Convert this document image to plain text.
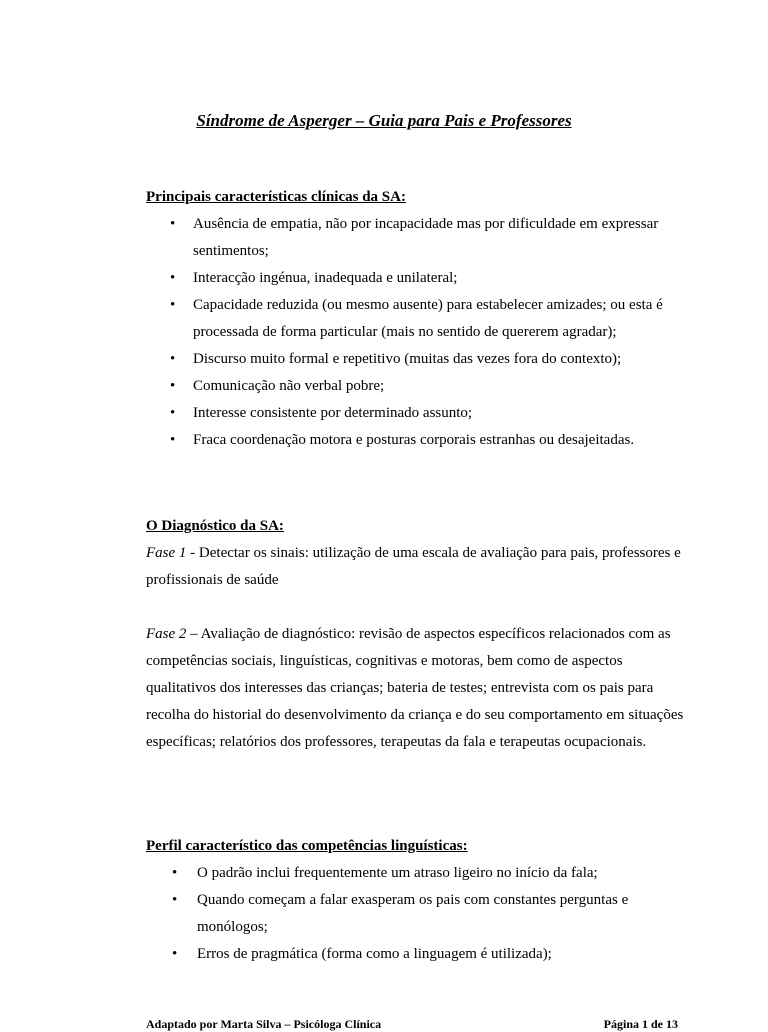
Síndrome de Asperger – Guia para Pais e Professores
Principais características clínicas da SA:
• Ausência de empatia, não por incapacidade mas por dificuldade em expressar sentimentos;
• Interacção ingénua, inadequada e unilateral;
• Capacidade reduzida (ou mesmo ausente) para estabelecer amizades; ou esta é processada de forma particular (mais no sentido de quererem agradar);
• Discurso muito formal e repetitivo (muitas das vezes fora do contexto);
• Comunicação não verbal pobre;
• Interesse consistente por determinado assunto;
• Fraca coordenação motora e posturas corporais estranhas ou desajeitadas.
O Diagnóstico da SA:

Fase 1 - Detectar os sinais: utilização de uma escala de avaliação para pais, professores e profissionais de saúde

Fase 2 – Avaliação de diagnóstico: revisão de aspectos específicos relacionados com as competências sociais, linguísticas, cognitivas e motoras, bem como de aspectos qualitativos dos interesses das crianças; bateria de testes; entrevista com os pais para recolha do historial do desenvolvimento da criança e do seu comportamento em situações específicas; relatórios dos professores, terapeutas da fala e terapeutas ocupacionais.

Perfil característico das competências linguísticas:
• O padrão inclui frequentemente um atraso ligeiro no início da fala;
• Quando começam a falar exasperam os pais com constantes perguntas e monólogos;
• Erros de pragmática (forma como a linguagem é utilizada);
Adaptado por Marta Silva – Psicóloga Clínica	Página 1 de 13
